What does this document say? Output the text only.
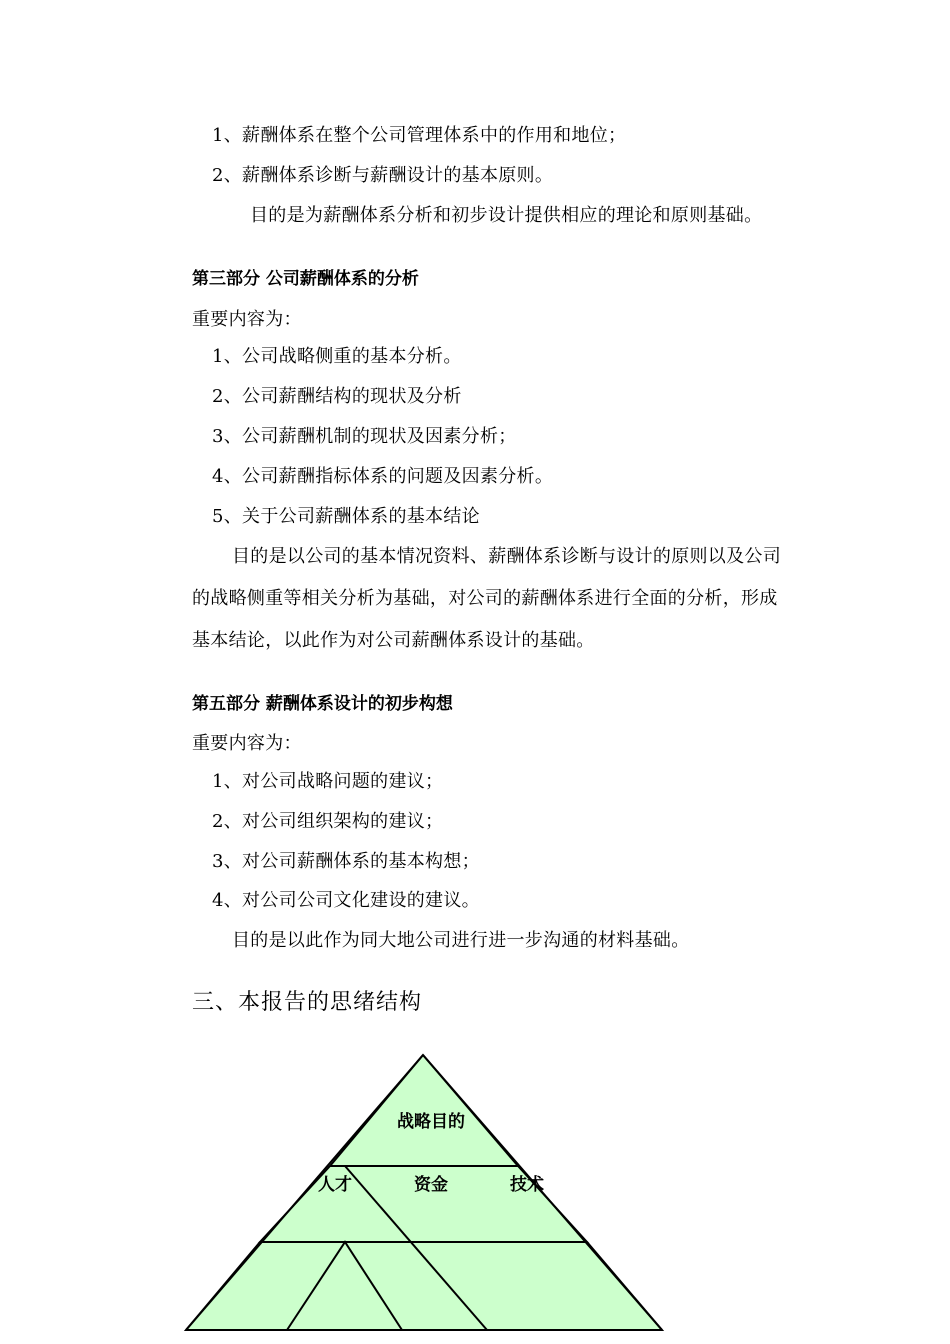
1、薪酬体系在整个公司管理体系中的作用和地位；
2、薪酬体系诊断与薪酬设计的基本原则。
目的是为薪酬体系分析和初步设计提供相应的理论和原则基础。
第三部分 公司薪酬体系的分析
重要内容为：
1、公司战略侧重的基本分析。
2、公司薪酬结构的现状及分析
3、公司薪酬机制的现状及因素分析；
4、公司薪酬指标体系的问题及因素分析。
5、关于公司薪酬体系的基本结论
目的是以公司的基本情况资料、薪酬体系诊断与设计的原则以及公司
的战略侧重等相关分析为基础，对公司的薪酬体系进行全面的分析，形成
基本结论，以此作为对公司薪酬体系设计的基础。
第五部分 薪酬体系设计的初步构想
重要内容为：
1、对公司战略问题的建议；
2、对公司组织架构的建议；
3、对公司薪酬体系的基本构想；
4、对公司公司文化建设的建议。
目的是以此作为同大地公司进行进一步沟通的材料基础。
三、本报告的思绪结构
战略目的
人才	资金	技术
